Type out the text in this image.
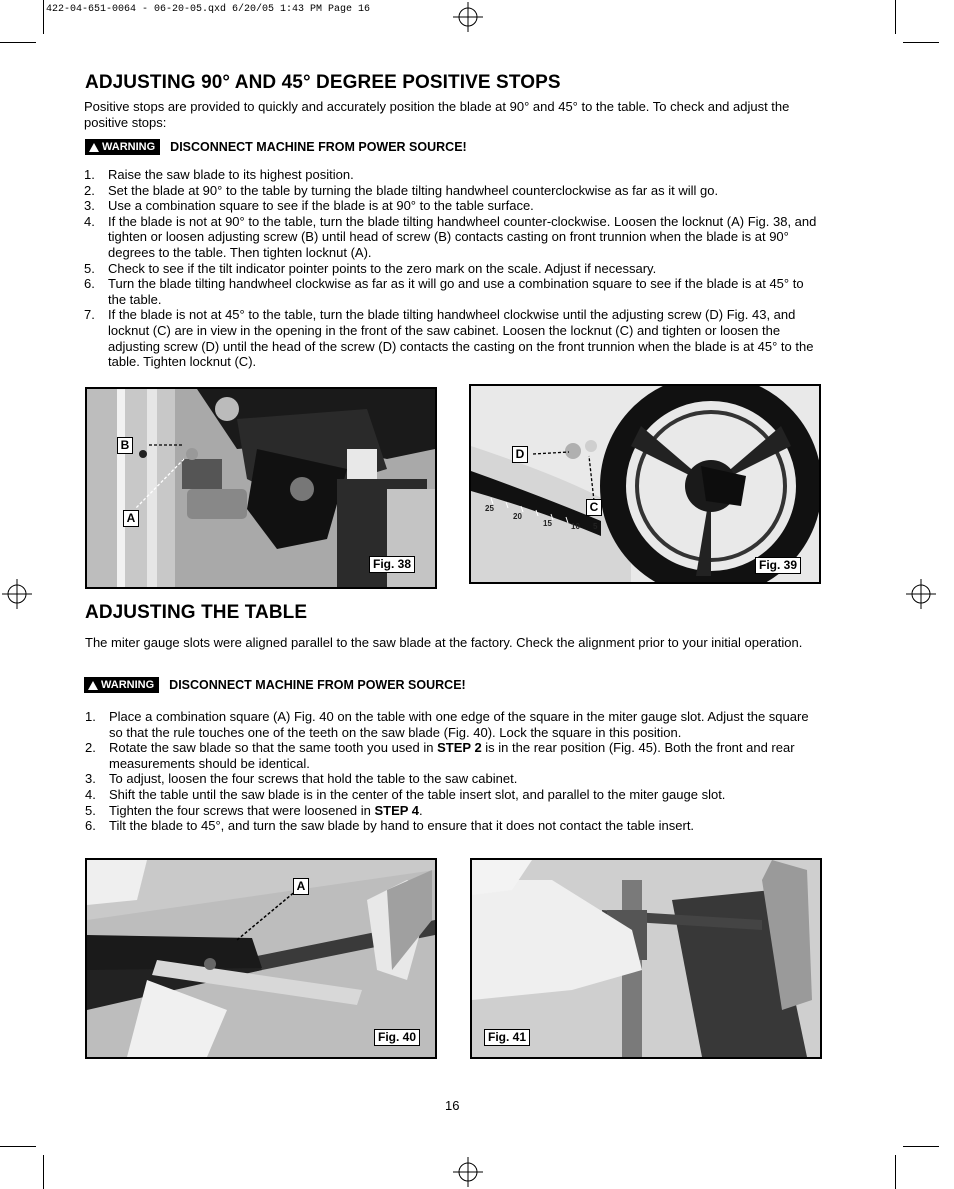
422-04-651-0064 - 06-20-05.qxd 6/20/05 1:43 PM Page 16
ADJUSTING 90° AND 45° DEGREE POSITIVE STOPS

Positive stops are provided to quickly and accurately position the blade at 90° and 45° to the table. To check and adjust the positive stops:

WARNING DISCONNECT MACHINE FROM POWER SOURCE!
1.	Raise the saw blade to its highest position.
2.	Set the blade at 90° to the table by turning the blade tilting handwheel counterclockwise as far as it will go.
3.	Use a combination square to see if the blade is at 90° to the table surface.
4.	If the blade is not at 90° to the table, turn the blade tilting handwheel counter-clockwise. Loosen the locknut (A) Fig. 38, and tighten or loosen adjusting screw (B) until head of screw (B) contacts casting on front trunnion when the blade is at 90° degrees to the table. Then tighten locknut (A).
5.	Check to see if the tilt indicator pointer points to the zero mark on the scale. Adjust if necessary.
6.	Turn the blade tilting handwheel clockwise as far as it will go and use a combination square to see if the blade is at 45° to the table.
7.	If the blade is not at 45° to the table, turn the blade tilting handwheel clockwise until the adjusting screw (D) Fig. 43, and locknut (C) are in view in the opening in the front of the saw cabinet. Loosen the locknut (C) and tighten or loosen the adjusting screw (D) until the head of the screw (D) contacts the casting on the front trunnion when the blade is at 45° to the table. Tighten locknut (C).
B
A
Fig. 38
25
20
15 10 5
D
C
Fig. 39
ADJUSTING THE TABLE

The miter gauge slots were aligned parallel to the saw blade at the factory. Check the alignment prior to your initial operation.

WARNING DISCONNECT MACHINE FROM POWER SOURCE!
1.	Place a combination square (A) Fig. 40 on the table with one edge of the square in the miter gauge slot. Adjust the square so that the rule touches one of the teeth on the saw blade (Fig. 40). Lock the square in this position.
2.	Rotate the saw blade so that the same tooth you used in STEP 2 is in the rear position (Fig. 45). Both the front and rear measurements should be identical.
3.	To adjust, loosen the four screws that hold the table to the saw cabinet.
4.	Shift the table until the saw blade is in the center of the table insert slot, and parallel to the miter gauge slot.
5.	Tighten the four screws that were loosened in STEP 4.
6.	Tilt the blade to 45°, and turn the saw blade by hand to ensure that it does not contact the table insert.
A
Fig. 40	Fig. 41
16
